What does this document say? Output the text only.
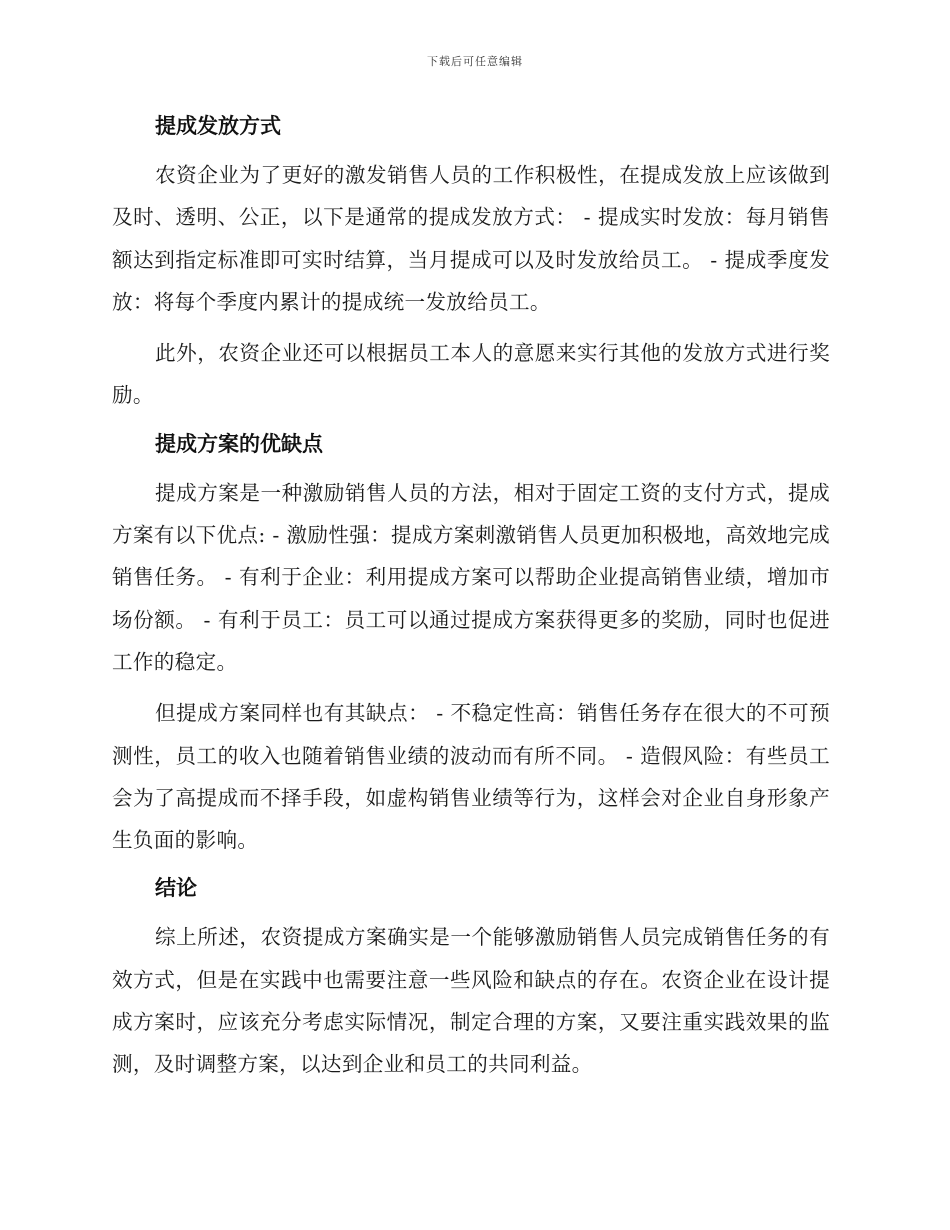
下载后可任意编辑
提成发放方式

农资企业为了更好的激发销售人员的工作积极性，在提成发放上应该做到及时、透明、公正，以下是通常的提成发放方式： - 提成实时发放：每月销售额达到指定标准即可实时结算，当月提成可以及时发放给员工。 - 提成季度发放：将每个季度内累计的提成统一发放给员工。

此外，农资企业还可以根据员工本人的意愿来实行其他的发放方式进行奖励。

提成方案的优缺点

提成方案是一种激励销售人员的方法，相对于固定工资的支付方式，提成方案有以下优点: - 激励性强：提成方案刺激销售人员更加积极地，高效地完成销售任务。 - 有利于企业：利用提成方案可以帮助企业提高销售业绩，增加市场份额。 - 有利于员工：员工可以通过提成方案获得更多的奖励，同时也促进工作的稳定。

但提成方案同样也有其缺点： - 不稳定性高：销售任务存在很大的不可预测性，员工的收入也随着销售业绩的波动而有所不同。 - 造假风险：有些员工会为了高提成而不择手段，如虚构销售业绩等行为，这样会对企业自身形象产生负面的影响。

结论

综上所述，农资提成方案确实是一个能够激励销售人员完成销售任务的有效方式，但是在实践中也需要注意一些风险和缺点的存在。农资企业在设计提成方案时，应该充分考虑实际情况，制定合理的方案，又要注重实践效果的监测，及时调整方案，以达到企业和员工的共同利益。
